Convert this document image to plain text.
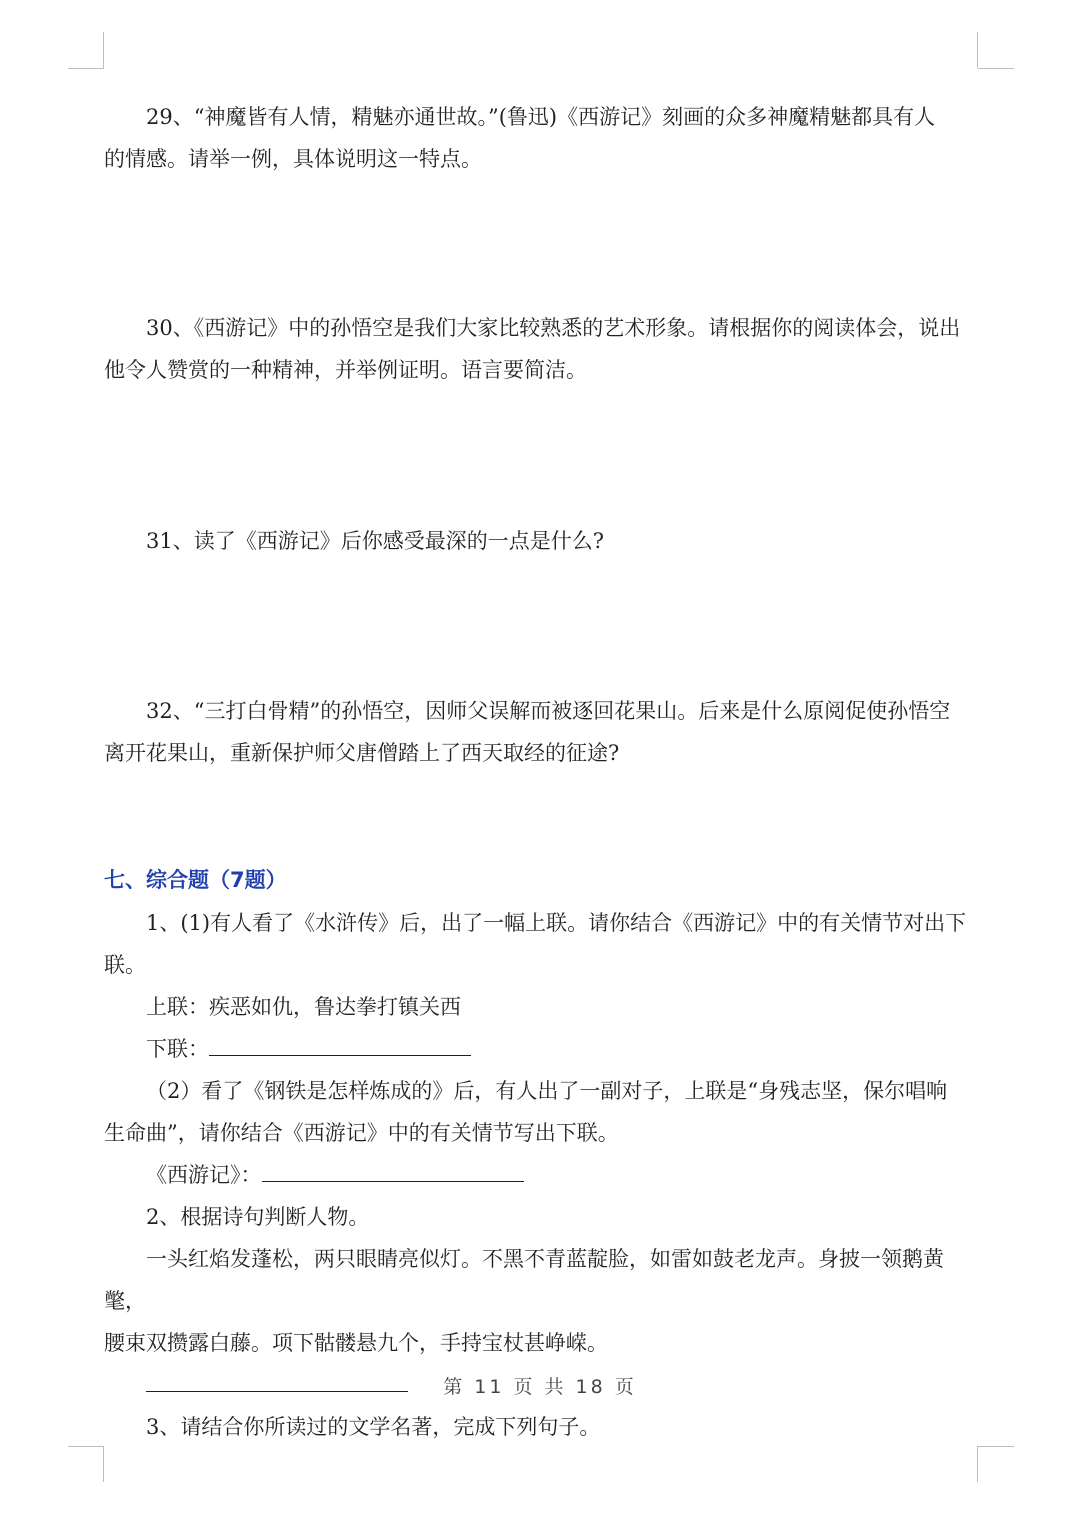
29、“神魔皆有人情，精魅亦通世故。”(鲁迅)《西游记》刻画的众多神魔精魅都具有人
的情感。请举一例，具体说明这一特点。
30、《西游记》中的孙悟空是我们大家比较熟悉的艺术形象。请根据你的阅读体会，说出
他令人赞赏的一种精神，并举例证明。语言要简洁。
31、读了《西游记》后你感受最深的一点是什么?
32、“三打白骨精”的孙悟空，因师父误解而被逐回花果山。后来是什么原阅促使孙悟空
离开花果山，重新保护师父唐僧踏上了西天取经的征途?
七、综合题（7题）
1、(1)有人看了《水浒传》后，出了一幅上联。请你结合《西游记》中的有关情节对出下联。
上联：疾恶如仇，鲁达拳打镇关西
下联：
（2）看了《钢铁是怎样炼成的》后，有人出了一副对子，上联是“身残志坚，保尔唱响
生命曲”，请你结合《西游记》中的有关情节写出下联。
《西游记》：
2、根据诗句判断人物。
一头红焰发蓬松，两只眼睛亮似灯。不黑不青蓝靛脸，如雷如鼓老龙声。身披一领鹅黄氅，
腰束双攒露白藤。项下骷髅悬九个，手持宝杖甚峥嵘。
3、请结合你所读过的文学名著，完成下列句子。
第 11 页 共 18 页
